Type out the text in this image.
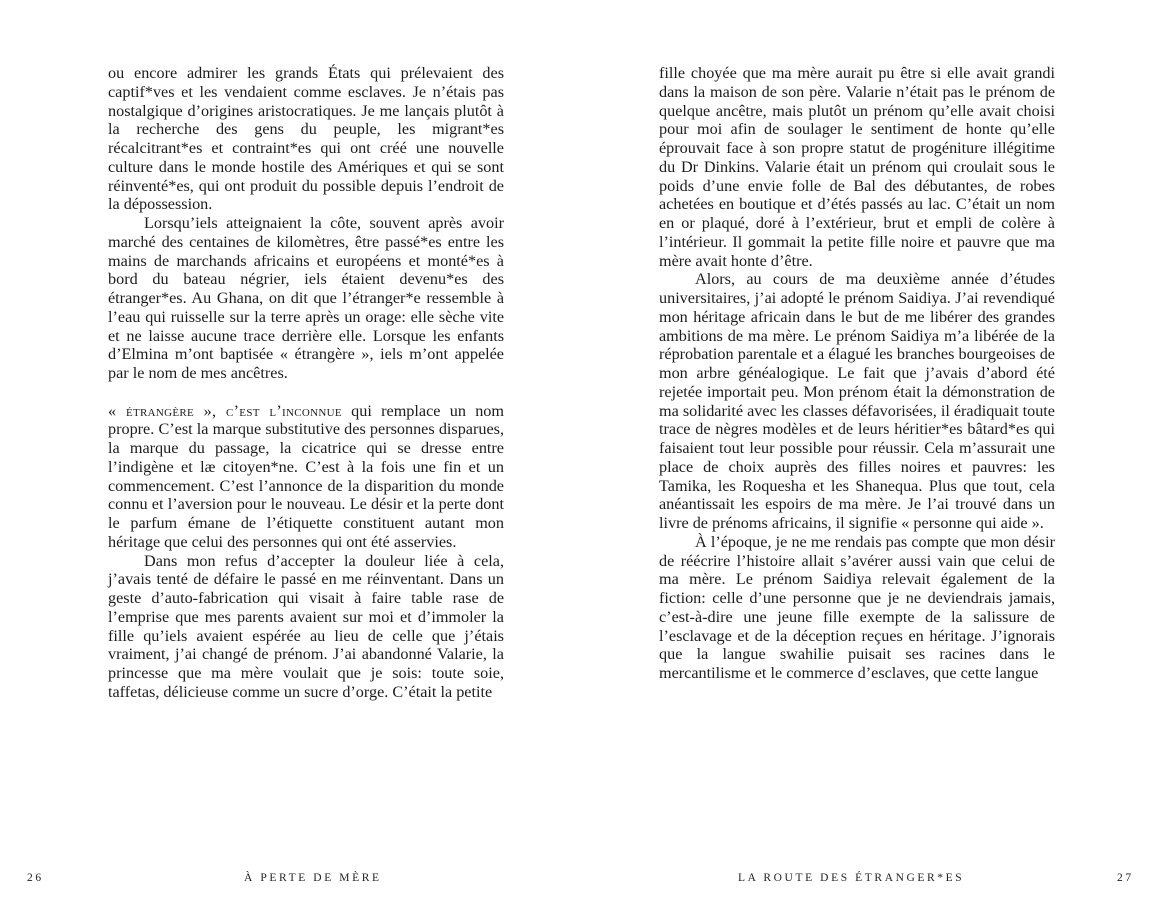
ou encore admirer les grands États qui prélevaient des captif*ves et les vendaient comme esclaves. Je n’étais pas nostalgique d’origines aristocratiques. Je me lançais plutôt à la recherche des gens du peuple, les migrant*es récalcitrant*es et contraint*es qui ont créé une nouvelle culture dans le monde hostile des Amériques et qui se sont réinventé*es, qui ont produit du possible depuis l’endroit de la dépossession.

Lorsqu’iels atteignaient la côte, souvent après avoir marché des centaines de kilomètres, être passé*es entre les mains de marchands africains et européens et monté*es à bord du bateau négrier, iels étaient devenu*es des étranger*es. Au Ghana, on dit que l’étranger*e ressemble à l’eau qui ruisselle sur la terre après un orage: elle sèche vite et ne laisse aucune trace derrière elle. Lorsque les enfants d’Elmina m’ont baptisée « étrangère », iels m’ont appelée par le nom de mes ancêtres.

« étrangère », c’est l’inconnue qui remplace un nom propre. C’est la marque substitutive des personnes disparues, la marque du passage, la cicatrice qui se dresse entre l’indigène et læ citoyen*ne. C’est à la fois une fin et un commencement. C’est l’annonce de la disparition du monde connu et l’aversion pour le nouveau. Le désir et la perte dont le parfum émane de l’étiquette constituent autant mon héritage que celui des personnes qui ont été asservies.

Dans mon refus d’accepter la douleur liée à cela, j’avais tenté de défaire le passé en me réinventant. Dans un geste d’auto-fabrication qui visait à faire table rase de l’emprise que mes parents avaient sur moi et d’immoler la fille qu’iels avaient espérée au lieu de celle que j’étais vraiment, j’ai changé de prénom. J’ai abandonné Valarie, la princesse que ma mère voulait que je sois: toute soie, taffetas, délicieuse comme un sucre d’orge. C’était la petite

26	À PERTE DE MÈRE

fille choyée que ma mère aurait pu être si elle avait grandi dans la maison de son père. Valarie n’était pas le prénom de quelque ancêtre, mais plutôt un prénom qu’elle avait choisi pour moi afin de soulager le sentiment de honte qu’elle éprouvait face à son propre statut de progéniture illégitime du Dr Dinkins. Valarie était un prénom qui croulait sous le poids d’une envie folle de Bal des débutantes, de robes achetées en boutique et d’étés passés au lac. C’était un nom en or plaqué, doré à l’extérieur, brut et empli de colère à l’intérieur. Il gommait la petite fille noire et pauvre que ma mère avait honte d’être.

Alors, au cours de ma deuxième année d’études universitaires, j’ai adopté le prénom Saidiya. J’ai revendiqué mon héritage africain dans le but de me libérer des grandes ambitions de ma mère. Le prénom Saidiya m’a libérée de la réprobation parentale et a élagué les branches bourgeoises de mon arbre généalogique. Le fait que j’avais d’abord été rejetée importait peu. Mon prénom était la démonstration de ma solidarité avec les classes défavorisées, il éradiquait toute trace de nègres modèles et de leurs héritier*es bâtard*es qui faisaient tout leur possible pour réussir. Cela m’assurait une place de choix auprès des filles noires et pauvres: les Tamika, les Roquesha et les Shanequa. Plus que tout, cela anéantissait les espoirs de ma mère. Je l’ai trouvé dans un livre de prénoms africains, il signifie « personne qui aide ».

À l’époque, je ne me rendais pas compte que mon désir de réécrire l’histoire allait s’avérer aussi vain que celui de ma mère. Le prénom Saidiya relevait également de la fiction: celle d’une personne que je ne deviendrais jamais, c’est-à-dire une jeune fille exempte de la salissure de l’esclavage et de la déception reçues en héritage. J’ignorais que la langue swahilie puisait ses racines dans le mercantilisme et le commerce d’esclaves, que cette langue

LA ROUTE DES ÉTRANGER*ES	27
